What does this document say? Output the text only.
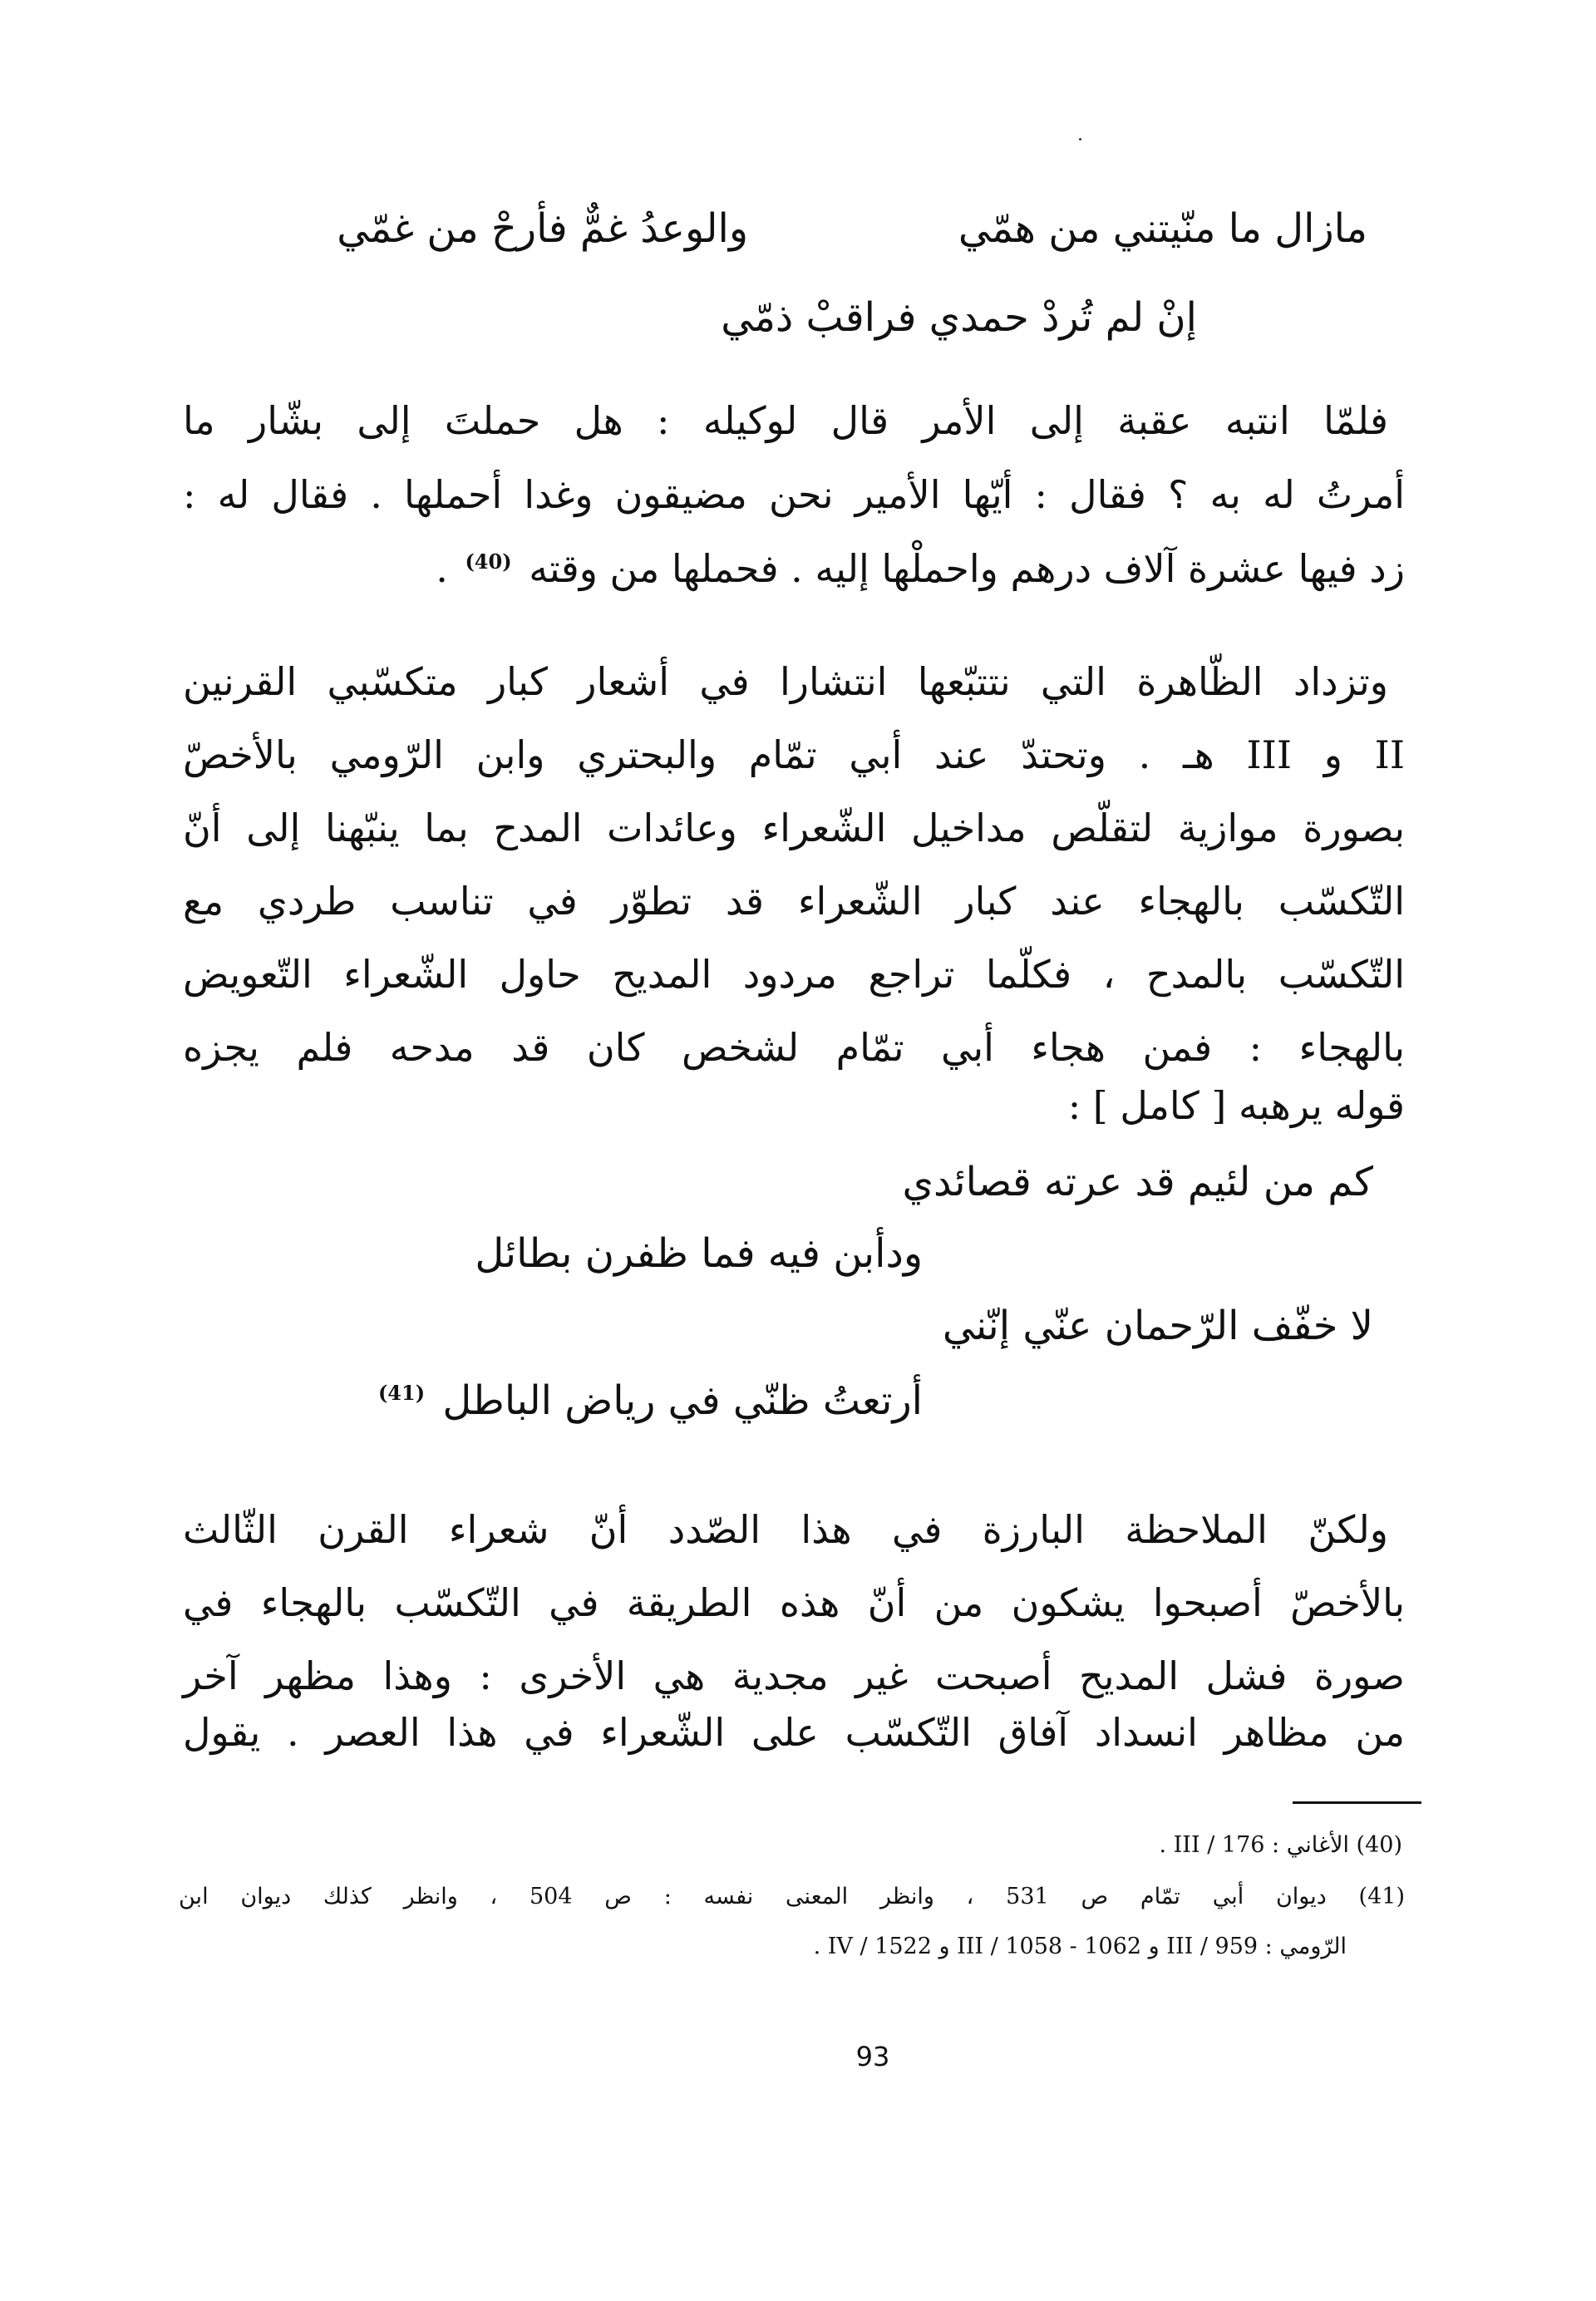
مازال ما منّيتني من همّي
والوعدُ غمٌّ فأرحْ من غمّي
إنْ لم تُردْ حمدي فراقبْ ذمّي
فلمّا انتبه عقبة إلى الأمر قال لوكيله : هل حملتَ إلى بشّار ما
أمرتُ له به ؟ فقال : أيّها الأمير نحن مضيقون وغدا أحملها . فقال له :
زد فيها عشرة آلاف درهم واحملْها إليه . فحملها من وقته $^{(40)}$ .
وتزداد الظّاهرة التي نتتبّعها انتشارا في أشعار كبار متكسّبي القرنين
II و III هـ . وتحتدّ عند أبي تمّام والبحتري وابن الرّومي بالأخصّ
بصورة موازية لتقلّص مداخيل الشّعراء وعائدات المدح بما ينبّهنا إلى أنّ
التّكسّب بالهجاء عند كبار الشّعراء قد تطوّر في تناسب طردي مع
التّكسّب بالمدح ، فكلّما تراجع مردود المديح حاول الشّعراء التّعويض
بالهجاء : فمن هجاء أبي تمّام لشخص كان قد مدحه فلم يجزه
قوله يرهبه [ كامل ] :
كم من لئيم قد عرته قصائدي
ودأبن فيه فما ظفرن بطائل
لا خفّف الرّحمان عنّي إنّني
أرتعتُ ظنّي في رياض الباطل $^{(41)}$
ولكنّ الملاحظة البارزة في هذا الصّدد أنّ شعراء القرن الثّالث
بالأخصّ أصبحوا يشكون من أنّ هذه الطريقة في التّكسّب بالهجاء في
صورة فشل المديح أصبحت غير مجدية هي الأخرى : وهذا مظهر آخر
من مظاهر انسداد آفاق التّكسّب على الشّعراء في هذا العصر . يقول
(40) الأغاني : III / 176 .
(41) ديوان أبي تمّام ص 531 ، وانظر المعنى نفسه : ص 504 ، وانظر كذلك ديوان ابن
الرّومي : III / 959 و III / 1058 - 1062 و IV / 1522 .
93
